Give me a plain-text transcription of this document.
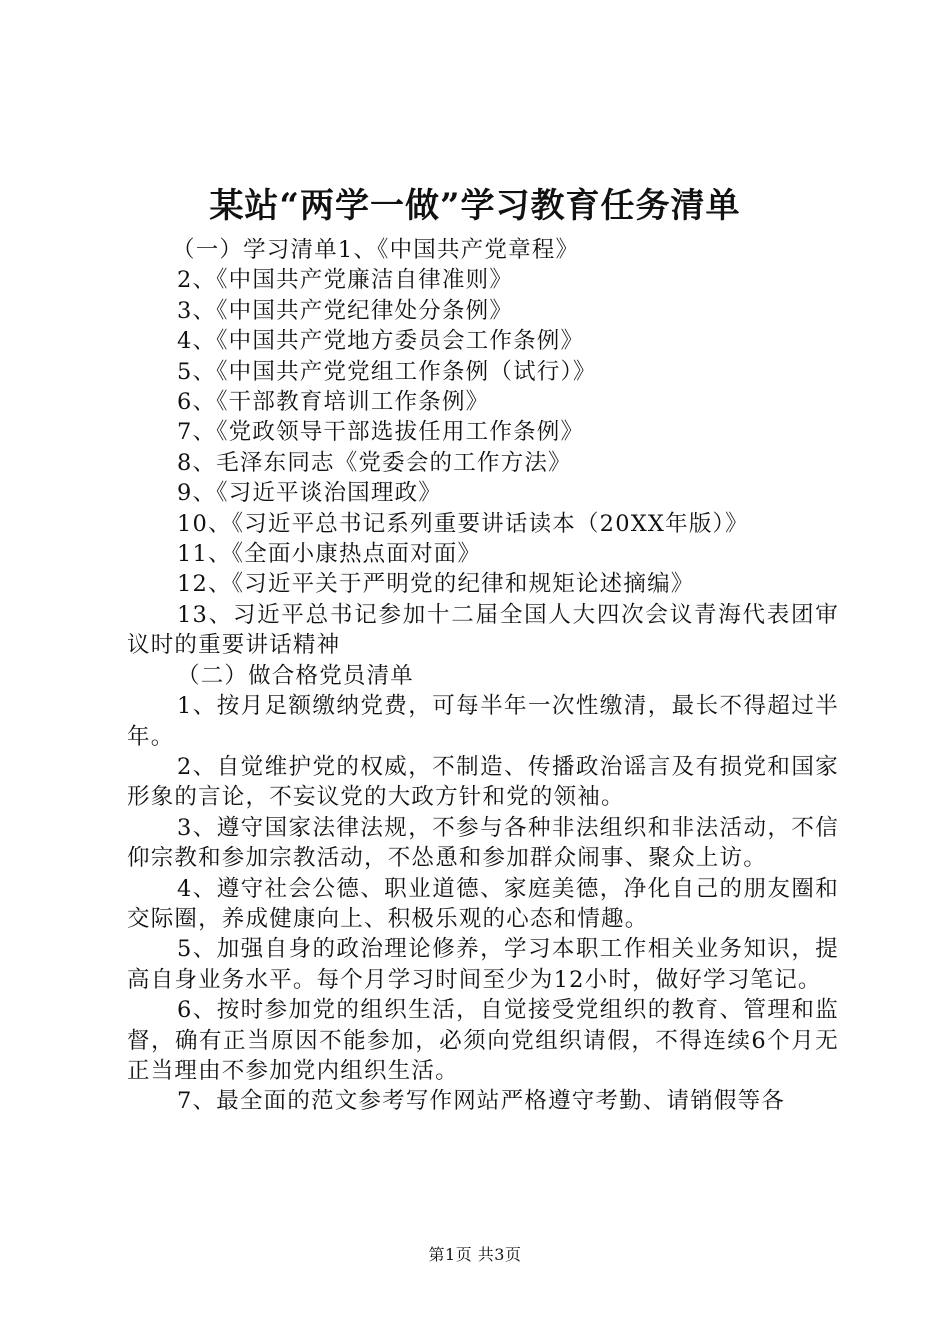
某站“两学一做”学习教育任务清单
（一）学习清单1、《中国共产党章程》
2、《中国共产党廉洁自律准则》
3、《中国共产党纪律处分条例》
4、《中国共产党地方委员会工作条例》
5、《中国共产党党组工作条例（试行）》
6、《干部教育培训工作条例》
7、《党政领导干部选拔任用工作条例》
8、毛泽东同志《党委会的工作方法》
9、《习近平谈治国理政》
10、《习近平总书记系列重要讲话读本（20XX年版）》
11、《全面小康热点面对面》
12、《习近平关于严明党的纪律和规矩论述摘编》
13、习近平总书记参加十二届全国人大四次会议青海代表团审议时的重要讲话精神
（二）做合格党员清单
1、按月足额缴纳党费，可每半年一次性缴清，最长不得超过半年。
2、自觉维护党的权威，不制造、传播政治谣言及有损党和国家形象的言论，不妄议党的大政方针和党的领袖。
3、遵守国家法律法规，不参与各种非法组织和非法活动，不信仰宗教和参加宗教活动，不怂恿和参加群众闹事、聚众上访。
4、遵守社会公德、职业道德、家庭美德，净化自己的朋友圈和交际圈，养成健康向上、积极乐观的心态和情趣。
5、加强自身的政治理论修养，学习本职工作相关业务知识，提高自身业务水平。每个月学习时间至少为12小时，做好学习笔记。
6、按时参加党的组织生活，自觉接受党组织的教育、管理和监督，确有正当原因不能参加，必须向党组织请假，不得连续6个月无正当理由不参加党内组织生活。
7、最全面的范文参考写作网站严格遵守考勤、请销假等各
第1页 共3页
